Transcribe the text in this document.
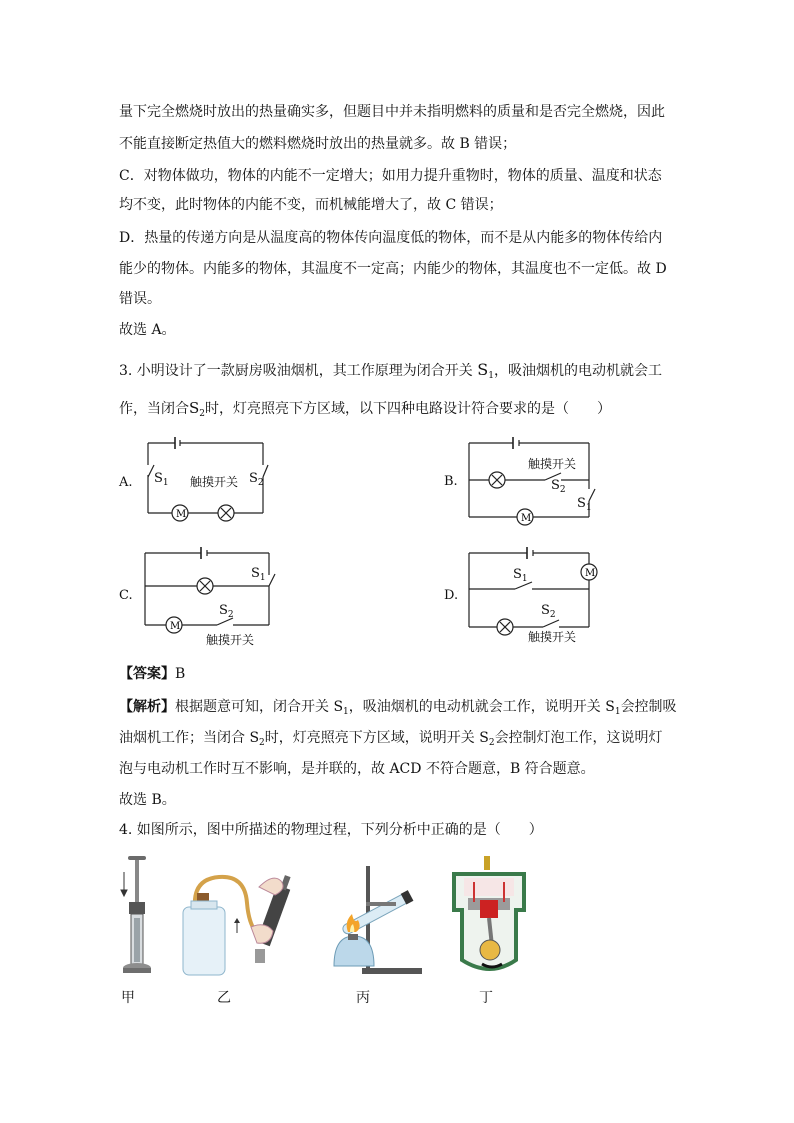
量下完全燃烧时放出的热量确实多，但题目中并未指明燃料的质量和是否完全燃烧，因此
不能直接断定热值大的燃料燃烧时放出的热量就多。故 B 错误；
C．对物体做功，物体的内能不一定增大；如用力提升重物时，物体的质量、温度和状态
均不变，此时物体的内能不变，而机械能增大了，故 C 错误；
D．热量的传递方向是从温度高的物体传向温度低的物体，而不是从内能多的物体传给内
能少的物体。内能多的物体，其温度不一定高；内能少的物体，其温度也不一定低。故 D
错误。
故选 A。
3. 小明设计了一款厨房吸油烟机，其工作原理为闭合开关 $S_1$，吸油烟机的电动机就会工
作，当闭合$S_2$时，灯亮照亮下方区域，以下四种电路设计符合要求的是（　　）
M
A. $S_1$ 触摸开关 $S_2$
M
B.
触摸开关
$S_2$
$S_1$
M
C.
$S_1$
$S_2$
触摸开关
M
D.
$S_1$
$S_2$
触摸开关
【答案】B
【解析】根据题意可知，闭合开关 $S_1$，吸油烟机的电动机就会工作，说明开关 $S_1$会控制吸
油烟机工作；当闭合 $S_2$时，灯亮照亮下方区域，说明开关 $S_2$会控制灯泡工作，这说明灯
泡与电动机工作时互不影响，是并联的，故 ACD 不符合题意，B 符合题意。
故选 B。
4. 如图所示，图中所描述的物理过程，下列分析中正确的是（　　）
甲	乙	丙	丁
